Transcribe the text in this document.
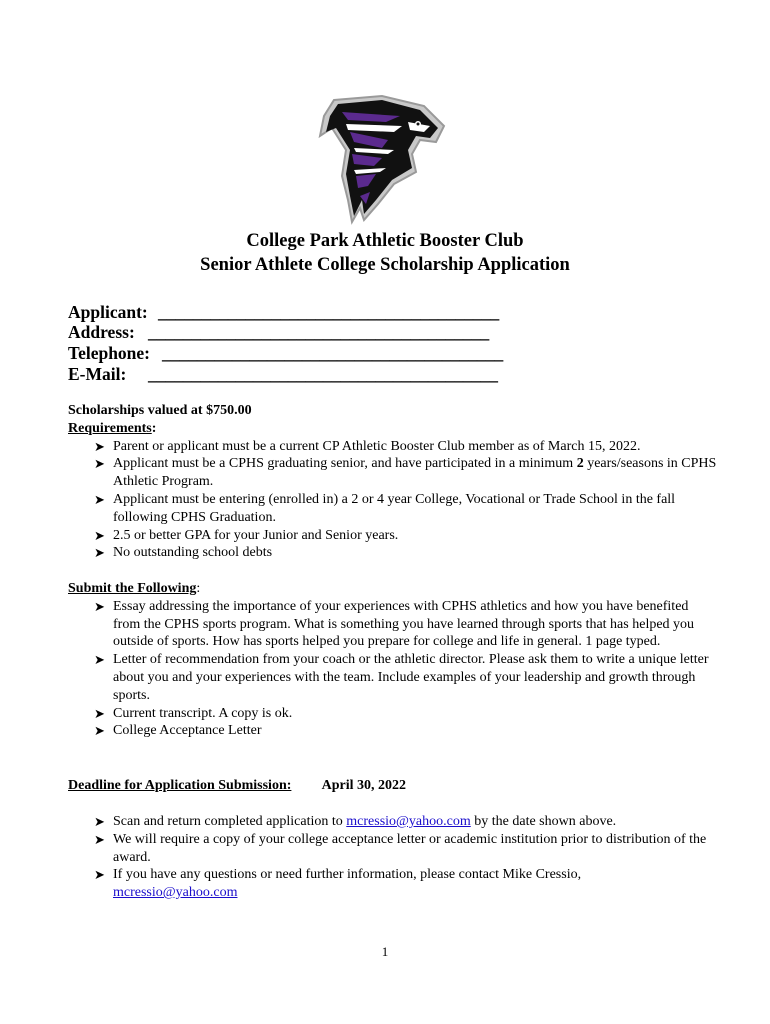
College Park Athletic Booster Club
Senior Athlete College Scholarship Application
Applicant: _______________________________________
Address: _______________________________________
Telephone: _______________________________________
E-Mail: ________________________________________
Scholarships valued at $750.00
Requirements:
➤ Parent or applicant must be a current CP Athletic Booster Club member as of March 15, 2022.
➤ Applicant must be a CPHS graduating senior, and have participated in a minimum 2 years/seasons in CPHS Athletic Program.
➤ Applicant must be entering (enrolled in) a 2 or 4 year College, Vocational or Trade School in the fall following CPHS Graduation.
➤ 2.5 or better GPA for your Junior and Senior years.
➤ No outstanding school debts
Submit the Following:
➤ Essay addressing the importance of your experiences with CPHS athletics and how you have benefited from the CPHS sports program. What is something you have learned through sports that has helped you outside of sports. How has sports helped you prepare for college and life in general. 1 page typed.
➤ Letter of recommendation from your coach or the athletic director. Please ask them to write a unique letter about you and your experiences with the team. Include examples of your leadership and growth through sports.
➤ Current transcript. A copy is ok.
➤ College Acceptance Letter
Deadline for Application Submission: April 30, 2022
➤ Scan and return completed application to mcressio@yahoo.com by the date shown above.
➤ We will require a copy of your college acceptance letter or academic institution prior to distribution of the award.
➤ If you have any questions or need further information, please contact Mike Cressio,
mcressio@yahoo.com
1
